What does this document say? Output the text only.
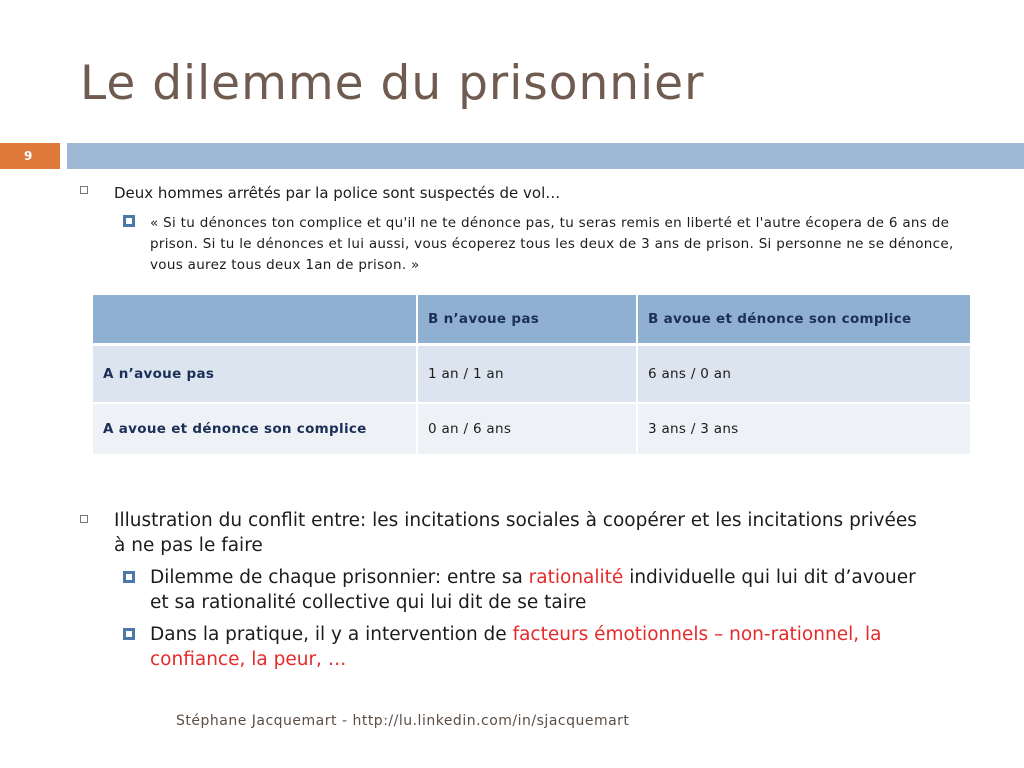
Le dilemme du prisonnier
9
Deux hommes arrêtés par la police sont suspectés de vol…
« Si tu dénonces ton complice et qu'il ne te dénonce pas, tu seras remis en liberté et l'autre écopera de 6 ans de prison. Si tu le dénonces et lui aussi, vous écoperez tous les deux de 3 ans de prison. Si personne ne se dénonce, vous aurez tous deux 1an de prison. »
	B n’avoue pas	B avoue et dénonce son complice
A n’avoue pas	1 an / 1 an	6 ans / 0 an
A avoue et dénonce son complice	0 an / 6 ans	3 ans / 3 ans
Illustration du conflit entre: les incitations sociales à coopérer et les incitations privées à ne pas le faire
Dilemme de chaque prisonnier: entre sa rationalité individuelle qui lui dit d’avouer et sa rationalité collective qui lui dit de se taire
Dans la pratique, il y a intervention de facteurs émotionnels – non-rationnel, la confiance, la peur, …
Stéphane Jacquemart - http://lu.linkedin.com/in/sjacquemart
